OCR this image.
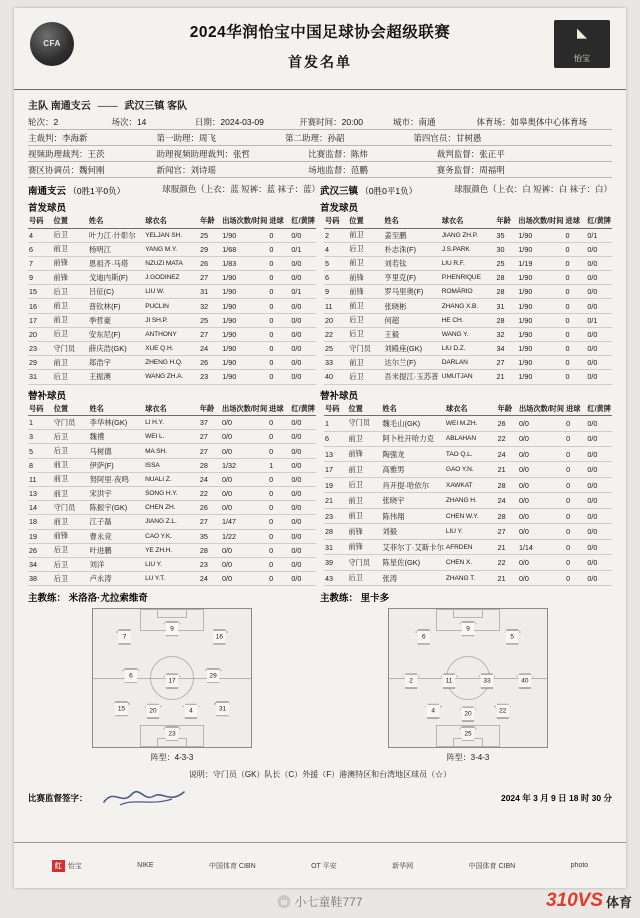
CFA
◣
怡宝
2024华润怡宝中国足球协会超级联赛
首发名单
主队 南通支云 —— 武汉三镇 客队
轮次：2	场次：14	日期：2024-03-09	开赛时间：20:00	城市：南通	体育场：如皋奥体中心体育场
主裁判：李海新	第一助理：周飞	第二助理：孙韶	第四官员：甘树愚
视频助理裁判：王茨	助理视频助理裁判：张哲	比赛监督：陈炜	裁判监督：张正平
赛区协调员：魏何刚	新闻官：刘诗瑶	场地监督：范鹏	赛务监督：周福明
南通支云 （0胜1平0负）	球服颜色（上衣：蓝 短裤：蓝 袜子：蓝） 武汉三镇 （0胜0平1负）	球服颜色（上衣：白 短裤：白 袜子：白）
首发球员	首发球员
号码	位置	姓名	球衣名	年龄	出场次数/时间	进球	红/黄牌
4	后卫	叶力江·什彰尔	YELJAN SH.	25	1/90	0	0/0
6	前卫	杨明江	YANG M.Y.	29	1/68	0	0/1
7	前锋	恩祖齐·马塔	NZUZI MATA	26	1/83	0	0/0
9	前锋	戈迪内斯(F)	J.GODINEZ	27	1/90	0	0/0
15	后卫	吕征(C)	LIU W.	31	1/90	0	0/1
16	前卫	普钦林(F)	PUCLIN	32	1/90	0	0/0
17	前卫	季哲豪	JI SH.P.	25	1/90	0	0/0
20	后卫	安东尼(F)	ANTHONY	27	1/90	0	0/0
23	守门员	薛庆浩(GK)	XUE Q.H.	24	1/90	0	0/0
29	前卫	郑浩宇	ZHENG H.Q.	26	1/90	0	0/0
31	后卫	王振澳	WANG ZH.A.	23	1/90	0	0/0
号码	位置	姓名	球衣名	年龄	出场次数/时间	进球	红/黄牌
2	前卫	姜至鹏	JIANG ZH.P.	35	1/90	0	0/1
4	后卫	朴志洙(F)	J.S.PARK	30	1/90	0	0/0
5	前卫	刘若钛	LIU R.F.	25	1/19	0	0/0
6	前锋	亨里克(F)	P.HENRIQUE	28	1/90	0	0/0
9	前锋	罗马里奥(F)	ROMÁRIO	28	1/90	0	0/0
11	前卫	张晓彬	ZHANG X.B.	31	1/90	0	0/0
20	后卫	何超	HE CH.	28	1/90	0	0/1
22	后卫	王毅	WANG Y.	32	1/90	0	0/0
25	守门员	刘殿座(GK)	LIU D.Z.	34	1/90	0	0/0
33	前卫	达尔兰(F)	DARLAN	27	1/90	0	0/0
40	后卫	吾米提江·玉苏普	UMUTJAN	21	1/90	0	0/0
替补球员	替补球员
号码	位置	姓名	球衣名	年龄	出场次数/时间	进球	红/黄牌
1	守门员	李华林(GK)	LI H.Y.	37	0/0	0	0/0
3	后卫	魏禮	WEI L.	27	0/0	0	0/0
5	后卫	马树德	MA SH.	27	0/0	0	0/0
8	前卫	伊萨(F)	ISSA	28	1/32	1	0/0
11	前卫	努阿里·夜鸣	NUALI Z.	24	0/0	0	0/0
13	前卫	宋洪宇	SONG H.Y.	22	0/0	0	0/0
14	守门员	陈振宇(GK)	CHEN ZH.	26	0/0	0	0/0
18	前卫	江子磊	JIANG Z.L.	27	1/47	0	0/0
19	前锋	曹永竞	CAO Y.K.	35	1/22	0	0/0
26	后卫	叶进鹏	YE ZH.H.	28	0/0	0	0/0
34	后卫	刘洋	LIU Y.	23	0/0	0	0/0
38	后卫	卢永涛	LU Y.T.	24	0/0	0	0/0
号码	位置	姓名	球衣名	年龄	出场次数/时间	进球	红/黄牌
1	守门员	魏毛山(GK)	WEI M.ZH.	26	0/0	0	0/0
6	前卫	阿卜杜开哈力克	ABLAHAN	22	0/0	0	0/0
13	前锋	陶强龙	TAO Q.L.	24	0/0	0	0/0
17	前卫	高雅男	GAO Y.N.	21	0/0	0	0/0
19	后卫	肖开提·哈依尔	XAWKAT	28	0/0	0	0/0
21	前卫	张晓宇	ZHANG H.	24	0/0	0	0/0
23	前卫	陈伟翔	CHEN W.Y.	28	0/0	0	0/0
28	前锋	刘毅	LIU Y.	27	0/0	0	0/0
31	前锋	艾菲尔丁·艾斯卡尔	AFRDEN	21	1/14	0	0/0
39	守门员	陈星佐(GK)	CHEN X.	22	0/0	0	0/0
43	后卫	张涛	ZHANG T.	21	0/0	0	0/0
主教练： 米洛洛·尤拉索维奇	主教练： 里卡多
23
15	20	4	31
6
17
29
7
9
16
阵型：4-3-3
25
4	20	22
2	11	33	40
6
9
5
阵型：3-4-3
说明：守门员（GK）队长（C）外援（F）港澳特区和台湾地区球员（☆）
比赛监督签字：	2024 年 3 月 9 日 18 时 30 分
红 怡宝	NIKE	中国体育 CIBN	OT 平安	新华网	中国体育 CIBN	photo
w 小七童鞋777	310VS 体育
